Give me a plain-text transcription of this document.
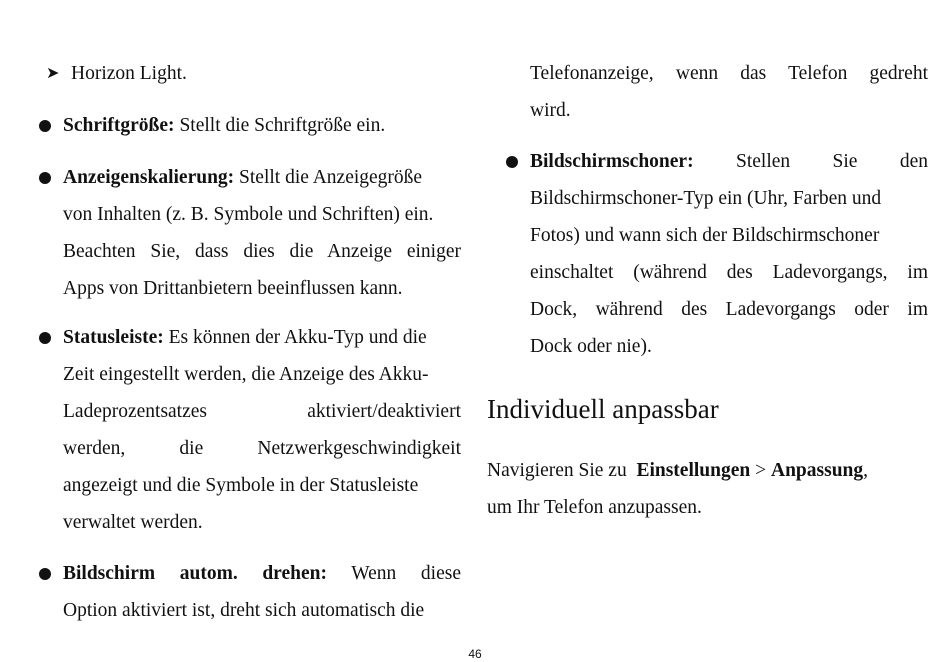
➤ Horizon Light.
Schriftgröße: Stellt die Schriftgröße ein.
Anzeigenskalierung: Stellt die Anzeigegröße
von Inhalten (z. B. Symbole und Schriften) ein.
Beachten Sie, dass dies die Anzeige einiger
Apps von Drittanbietern beeinflussen kann.
Statusleiste: Es können der Akku-Typ und die
Zeit eingestellt werden, die Anzeige des Akku-
Ladeprozentsatzes aktiviert/deaktiviert
werden, die Netzwerkgeschwindigkeit
angezeigt und die Symbole in der Statusleiste
verwaltet werden.
Bildschirm autom. drehen: Wenn diese
Option aktiviert ist, dreht sich automatisch die
Telefonanzeige, wenn das Telefon gedreht
wird.
Bildschirmschoner: Stellen Sie den
Bildschirmschoner-Typ ein (Uhr, Farben und
Fotos) und wann sich der Bildschirmschoner
einschaltet (während des Ladevorgangs, im
Dock, während des Ladevorgangs oder im
Dock oder nie).
Individuell anpassbar
Navigieren Sie zu Einstellungen > Anpassung,
um Ihr Telefon anzupassen.
46
